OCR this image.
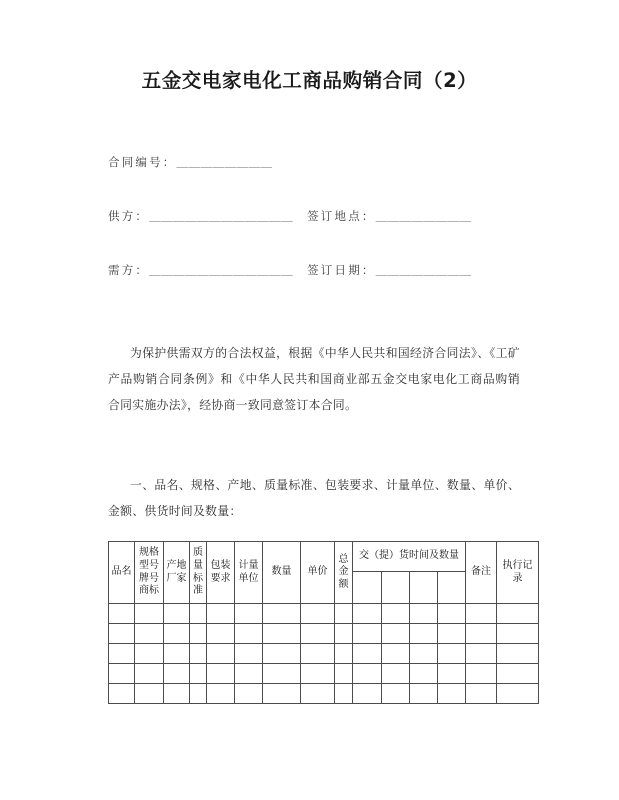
五金交电家电化工商品购销合同（2）
合同编号： ＿＿＿＿＿＿＿＿
供方： ＿＿＿＿＿＿＿＿＿＿＿＿ 签订地点： ＿＿＿＿＿＿＿＿
需方： ＿＿＿＿＿＿＿＿＿＿＿＿ 签订日期： ＿＿＿＿＿＿＿＿
为保护供需双方的合法权益，根据《中华人民共和国经济合同法》、《工矿产品购销合同条例》和《中华人民共和国商业部五金交电家电化工商品购销合同实施办法》，经协商一致同意签订本合同。
一、品名、规格、产地、质量标准、包装要求、计量单位、数量、单价、金额、供货时间及数量：
品名	规格型号牌号商标	产地厂家	质量标准	包装要求	计量单位	数量	单价	总金额	交（提）货时间及数量				备注	执行记录
